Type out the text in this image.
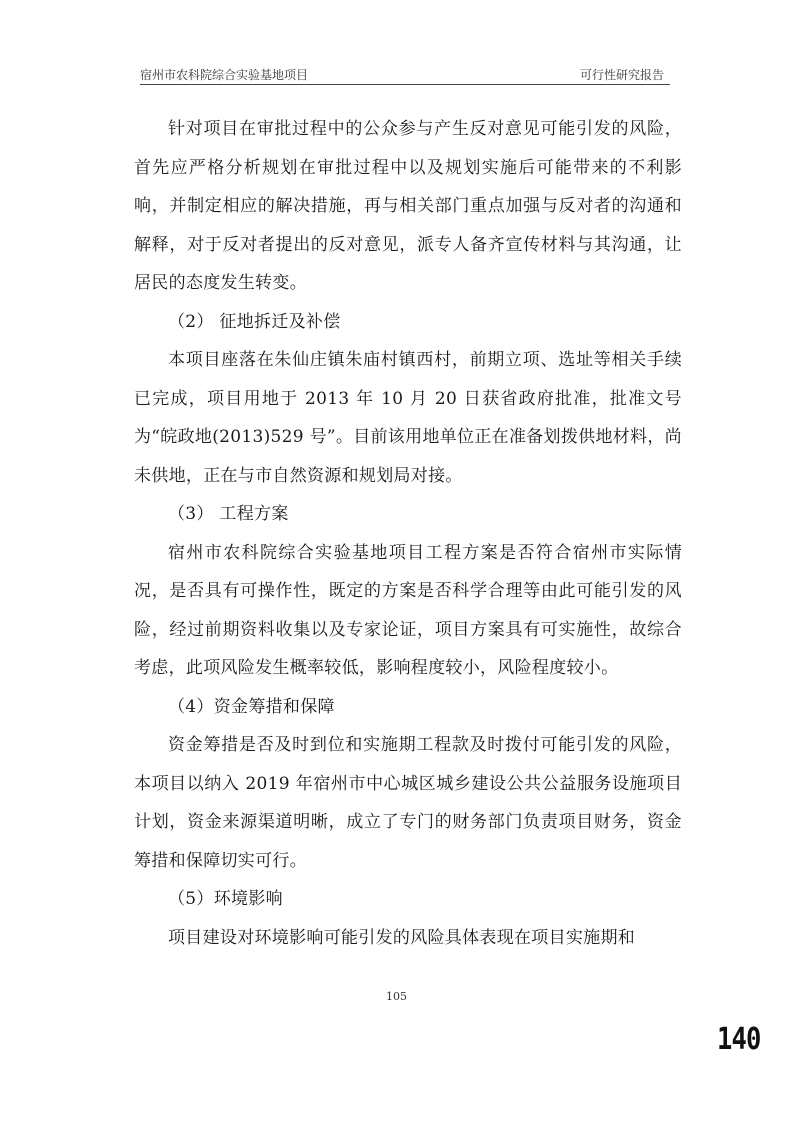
宿州市农科院综合实验基地项目	可行性研究报告

针对项目在审批过程中的公众参与产生反对意见可能引发的风险，首先应严格分析规划在审批过程中以及规划实施后可能带来的不利影响，并制定相应的解决措施，再与相关部门重点加强与反对者的沟通和解释，对于反对者提出的反对意见，派专人备齐宣传材料与其沟通，让居民的态度发生转变。

（2） 征地拆迁及补偿

本项目座落在朱仙庄镇朱庙村镇西村，前期立项、选址等相关手续已完成，项目用地于 2013 年 10 月 20 日获省政府批准，批准文号为“皖政地(2013)529 号”。目前该用地单位正在准备划拨供地材料，尚未供地，正在与市自然资源和规划局对接。

（3） 工程方案

宿州市农科院综合实验基地项目工程方案是否符合宿州市实际情况，是否具有可操作性，既定的方案是否科学合理等由此可能引发的风险，经过前期资料收集以及专家论证，项目方案具有可实施性，故综合考虑，此项风险发生概率较低，影响程度较小，风险程度较小。

（4）资金筹措和保障

资金筹措是否及时到位和实施期工程款及时拨付可能引发的风险，本项目以纳入 2019 年宿州市中心城区城乡建设公共公益服务设施项目计划，资金来源渠道明晰，成立了专门的财务部门负责项目财务，资金筹措和保障切实可行。

（5）环境影响

项目建设对环境影响可能引发的风险具体表现在项目实施期和

105
140
